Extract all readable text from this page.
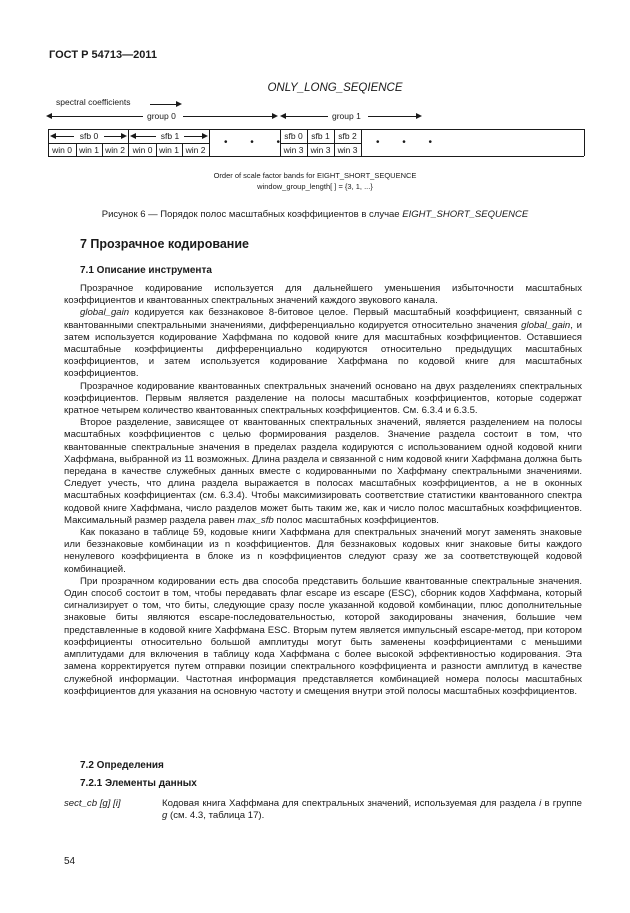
ГОСТ Р 54713—2011
ONLY_LONG_SEQIENCE
spectral coefficients
group 0	group 1
sfb 0	sfb 1
win 0 win 1 win 2 win 0 win 1 win 2
• • •
sfb 0	sfb 1	sfb 2
win 3 win 3 win 3
• • •
Order of scale factor bands for EIGHT_SHORT_SEQUENCE
window_group_length[ ] = {3, 1, ...}
Рисунок 6 — Порядок полос масштабных коэффициентов в случае EIGHT_SHORT_SEQUENCE
7 Прозрачное кодирование
7.1 Описание инструмента

Прозрачное кодирование используется для дальнейшего уменьшения избыточности масштабных коэффициентов и квантованных спектральных значений каждого звукового канала.

global_gain кодируется как беззнаковое 8-битовое целое. Первый масштабный коэффициент, связанный с квантованными спектральными значениями, дифференциально кодируется относительно значения global_gain, и затем используется кодирование Хаффмана по кодовой книге для масштабных коэффициентов. Оставшиеся масштабные коэффициенты дифференциально кодируются относительно предыдущих масштабных коэффициентов, и затем используется кодирование Хаффмана по кодовой книге для масштабных коэффициентов.

Прозрачное кодирование квантованных спектральных значений основано на двух разделениях спектральных коэффициентов. Первым является разделение на полосы масштабных коэффициентов, которые содержат кратное четырем количество квантованных спектральных коэффициентов. См. 6.3.4 и 6.3.5.

Второе разделение, зависящее от квантованных спектральных значений, является разделением на полосы масштабных коэффициентов с целью формирования разделов. Значение раздела состоит в том, что квантованные спектральные значения в пределах раздела кодируются с использованием одной кодовой книги Хаффмана, выбранной из 11 возможных. Длина раздела и связанной с ним кодовой книги Хаффмана должна быть передана в качестве служебных данных вместе с кодированными по Хаффману спектральными значениями. Следует учесть, что длина раздела выражается в полосах масштабных коэффициентов, а не в оконных масштабных коэффициентах (см. 6.3.4). Чтобы максимизировать соответствие статистики квантованного спектра кодовой книге Хаффмана, число разделов может быть таким же, как и число полос масштабных коэффициентов. Максимальный размер раздела равен max_sfb полос масштабных коэффициентов.

Как показано в таблице 59, кодовые книги Хаффмана для спектральных значений могут заменять знаковые или беззнаковые комбинации из n коэффициентов. Для беззнаковых кодовых книг знаковые биты каждого ненулевого коэффициента в блоке из n коэффициентов следуют сразу же за соответствующей кодовой комбинацией.

При прозрачном кодировании есть два способа представить большие квантованные спектральные значения. Один способ состоит в том, чтобы передавать флаг escape из escape (ESC), сборник кодов Хаффмана, который сигнализирует о том, что биты, следующие сразу после указанной кодовой комбинации, плюс дополнительные знаковые биты являются escape-последовательностью, которой закодированы значения, большие чем представленные в кодовой книге Хаффмана ESC. Вторым путем является импульсный escape-метод, при котором коэффициенты относительно большой амплитуды могут быть заменены коэффициентами с меньшими амплитудами для включения в таблицу кода Хаффмана с более высокой эффективностью кодирования. Эта замена корректируется путем отправки позиции спектрального коэффициента и разности амплитуд в качестве служебной информации. Частотная информация представляется комбинацией номера полосы масштабных коэффициентов для указания на основную частоту и смещения внутри этой полосы масштабных коэффициентов.

7.2 Определения
7.2.1 Элементы данных
sect_cb [g] [i]	Кодовая книга Хаффмана для спектральных значений, используемая для раздела i в группе g (см. 4.3, таблица 17).
54
